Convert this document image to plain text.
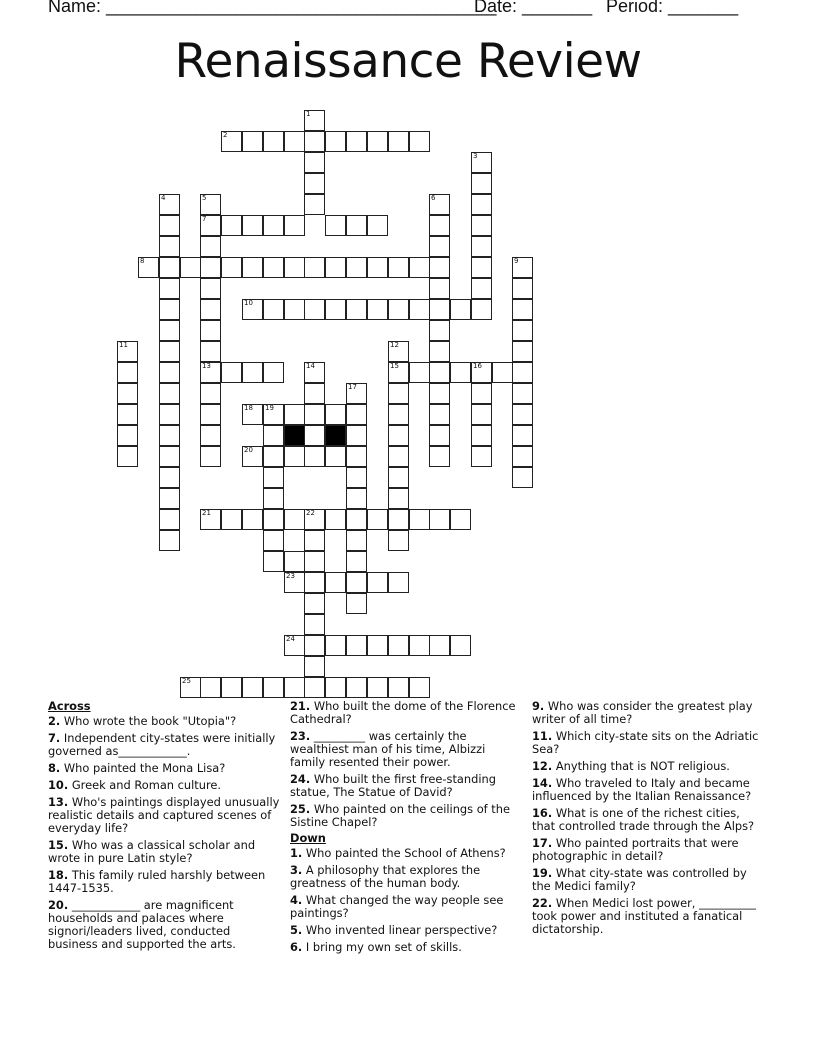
Name: _______________________________________
Date: _______ Period: _______
Renaissance Review
1
2
3
4	5
7
13
6
8	9
10
11	12
15
14	16
17
18 19
20
22
23
24
25
21
Across
2. Who wrote the book "Utopia"?
7. Independent city-states were initially governed as____________.
8. Who painted the Mona Lisa?
10. Greek and Roman culture.
13. Who's paintings displayed unusually realistic details and captured scenes of everyday life?
15. Who was a classical scholar and wrote in pure Latin style?
18. This family ruled harshly between 1447-1535.
20. ____________ are magnificent households and palaces where signori/leaders lived, conducted business and supported the arts.
21. Who built the dome of the Florence Cathedral?
23. _________ was certainly the wealthiest man of his time, Albizzi family resented their power.
24. Who built the first free-standing statue, The Statue of David?
25. Who painted on the ceilings of the Sistine Chapel?
Down
1. Who painted the School of Athens?
3. A philosophy that explores the greatness of the human body.
4. What changed the way people see paintings?
5. Who invented linear perspective?
6. I bring my own set of skills.
9. Who was consider the greatest play writer of all time?
11. Which city-state sits on the Adriatic Sea?
12. Anything that is NOT religious.
14. Who traveled to Italy and became influenced by the Italian Renaissance?
16. What is one of the richest cities, that controlled trade through the Alps?
17. Who painted portraits that were photographic in detail?
19. What city-state was controlled by the Medici family?
22. When Medici lost power, __________ took power and instituted a fanatical dictatorship.
